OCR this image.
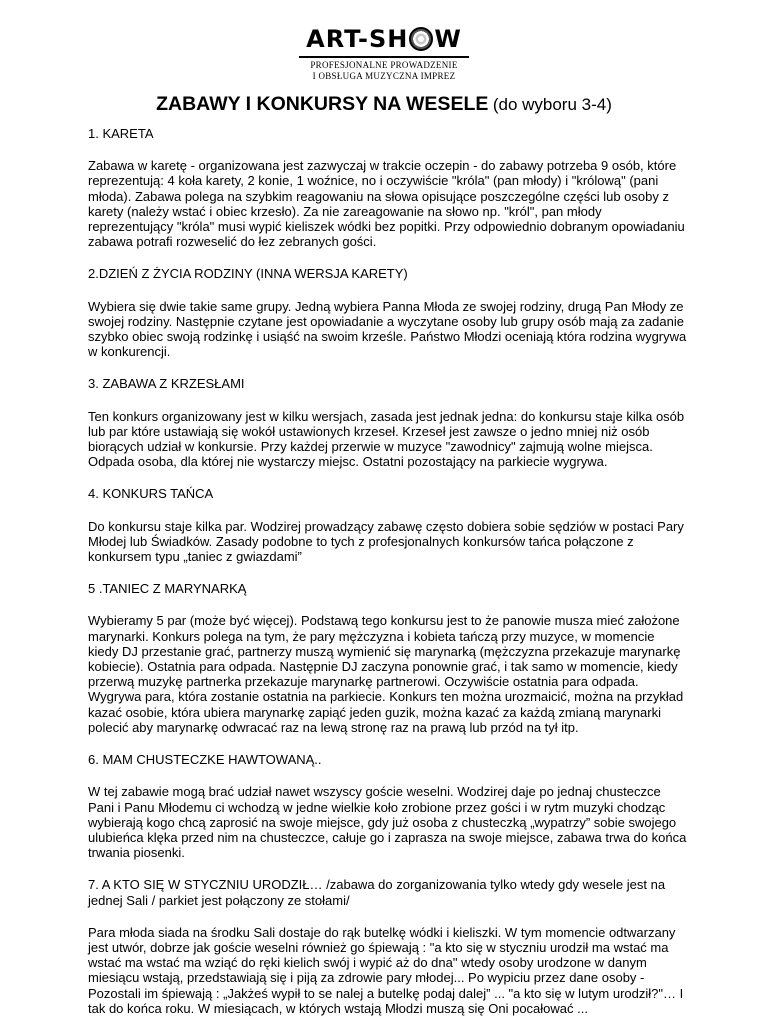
ART-SH W
PROFESJONALNE PROWADZENIE
I OBSŁUGA MUZYCZNA IMPREZ
ZABAWY I KONKURSY NA WESELE (do wyboru 3-4)

1. KARETA

Zabawa w karetę - organizowana jest zazwyczaj w trakcie oczepin - do zabawy potrzeba 9 osób, które reprezentują: 4 koła karety, 2 konie, 1 woźnice, no i oczywiście "króla" (pan młody) i "królową" (pani młoda). Zabawa polega na szybkim reagowaniu na słowa opisujące poszczególne części lub osoby z karety (należy wstać i obiec krzesło). Za nie zareagowanie na słowo np. "król", pan młody reprezentujący "króla" musi wypić kieliszek wódki bez popitki. Przy odpowiednio dobranym opowiadaniu zabawa potrafi rozweselić do łez zebranych gości.

2.DZIEŃ Z ŻYCIA RODZINY (INNA WERSJA KARETY)

Wybiera się dwie takie same grupy. Jedną wybiera Panna Młoda ze swojej rodziny, drugą Pan Młody ze swojej rodziny. Następnie czytane jest opowiadanie a wyczytane osoby lub grupy osób mają za zadanie szybko obiec swoją rodzinkę i usiąść na swoim krześle. Państwo Młodzi oceniają która rodzina wygrywa w konkurencji.

3. ZABAWA Z KRZESŁAMI

Ten konkurs organizowany jest w kilku wersjach, zasada jest jednak jedna: do konkursu staje kilka osób lub par które ustawiają się wokół ustawionych krzeseł. Krzeseł jest zawsze o jedno mniej niż osób biorących udział w konkursie. Przy każdej przerwie w muzyce "zawodnicy" zajmują wolne miejsca. Odpada osoba, dla której nie wystarczy miejsc. Ostatni pozostający na parkiecie wygrywa.

4. KONKURS TAŃCA

Do konkursu staje kilka par. Wodzirej prowadzący zabawę często dobiera sobie sędziów w postaci Pary Młodej lub Świadków. Zasady podobne to tych z profesjonalnych konkursów tańca połączone z konkursem typu „taniec z gwiazdami”

5 .TANIEC Z MARYNARKĄ

Wybieramy 5 par (może być więcej). Podstawą tego konkursu jest to że panowie musza mieć założone marynarki. Konkurs polega na tym, że pary mężczyzna i kobieta tańczą przy muzyce, w momencie kiedy DJ przestanie grać, partnerzy muszą wymienić się marynarką (mężczyzna przekazuje marynarkę kobiecie). Ostatnia para odpada. Następnie DJ zaczyna ponownie grać, i tak samo w momencie, kiedy przerwą muzykę partnerka przekazuje marynarkę partnerowi. Oczywiście ostatnia para odpada. Wygrywa para, która zostanie ostatnia na parkiecie. Konkurs ten można urozmaicić, można na przykład kazać osobie, która ubiera marynarkę zapiąć jeden guzik, można kazać za każdą zmianą marynarki polecić aby marynarkę odwracać raz na lewą stronę raz na prawą lub przód na tył itp.

6. MAM CHUSTECZKE HAWTOWANĄ..

W tej zabawie mogą brać udział nawet wszyscy goście weselni. Wodzirej daje po jednaj chusteczce Pani i Panu Młodemu ci wchodzą w jedne wielkie koło zrobione przez gości i w rytm muzyki chodząc wybierają kogo chcą zaprosić na swoje miejsce, gdy już osoba z chusteczką „wypatrzy” sobie swojego ulubieńca klęka przed nim na chusteczce, całuje go i zaprasza na swoje miejsce, zabawa trwa do końca trwania piosenki.

7. A KTO SIĘ W STYCZNIU URODZIŁ… /zabawa do zorganizowania tylko wtedy gdy wesele jest na jednej Sali / parkiet jest połączony ze stołami/

Para młoda siada na środku Sali dostaje do rąk butelkę wódki i kieliszki. W tym momencie odtwarzany jest utwór, dobrze jak goście weselni również go śpiewają : "a kto się w styczniu urodził ma wstać ma wstać ma wstać ma wziąć do ręki kielich swój i wypić aż do dna" wtedy osoby urodzone w danym miesiącu wstają, przedstawiają się i piją za zdrowie pary młodej... Po wypiciu przez dane osoby - Pozostali im śpiewają : „Jakżeś wypił to se nalej a butelkę podaj dalej” ... "a kto się w lutym urodził?"… I tak do końca roku. W miesiącach, w których wstają Młodzi muszą się Oni pocałować ...
